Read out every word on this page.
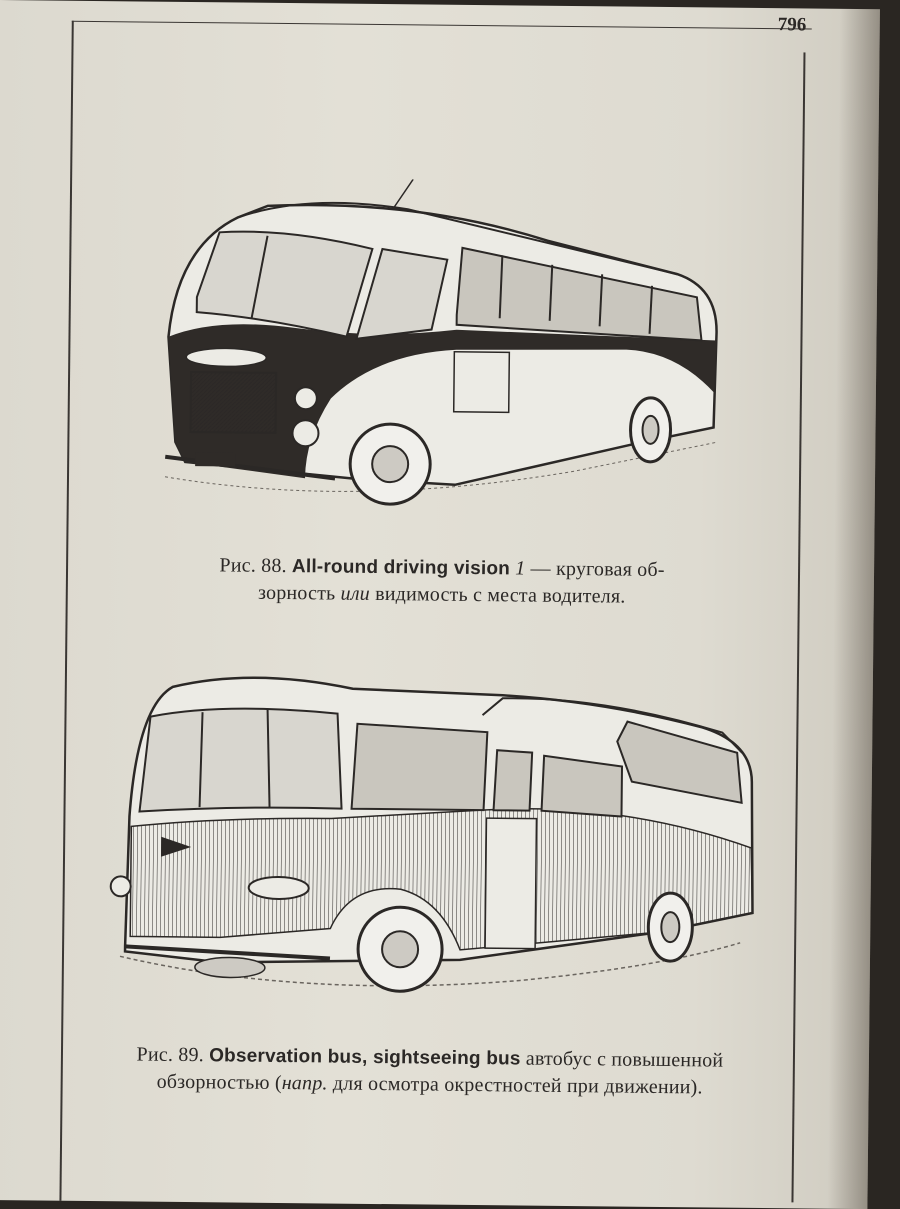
796
Рис. 88. All-round driving vision 1 — круговая об-
зорность или видимость с места водителя.
Рис. 89. Observation bus, sightseeing bus автобус с повышенной
обзорностью (напр. для осмотра окрестностей при движении).
